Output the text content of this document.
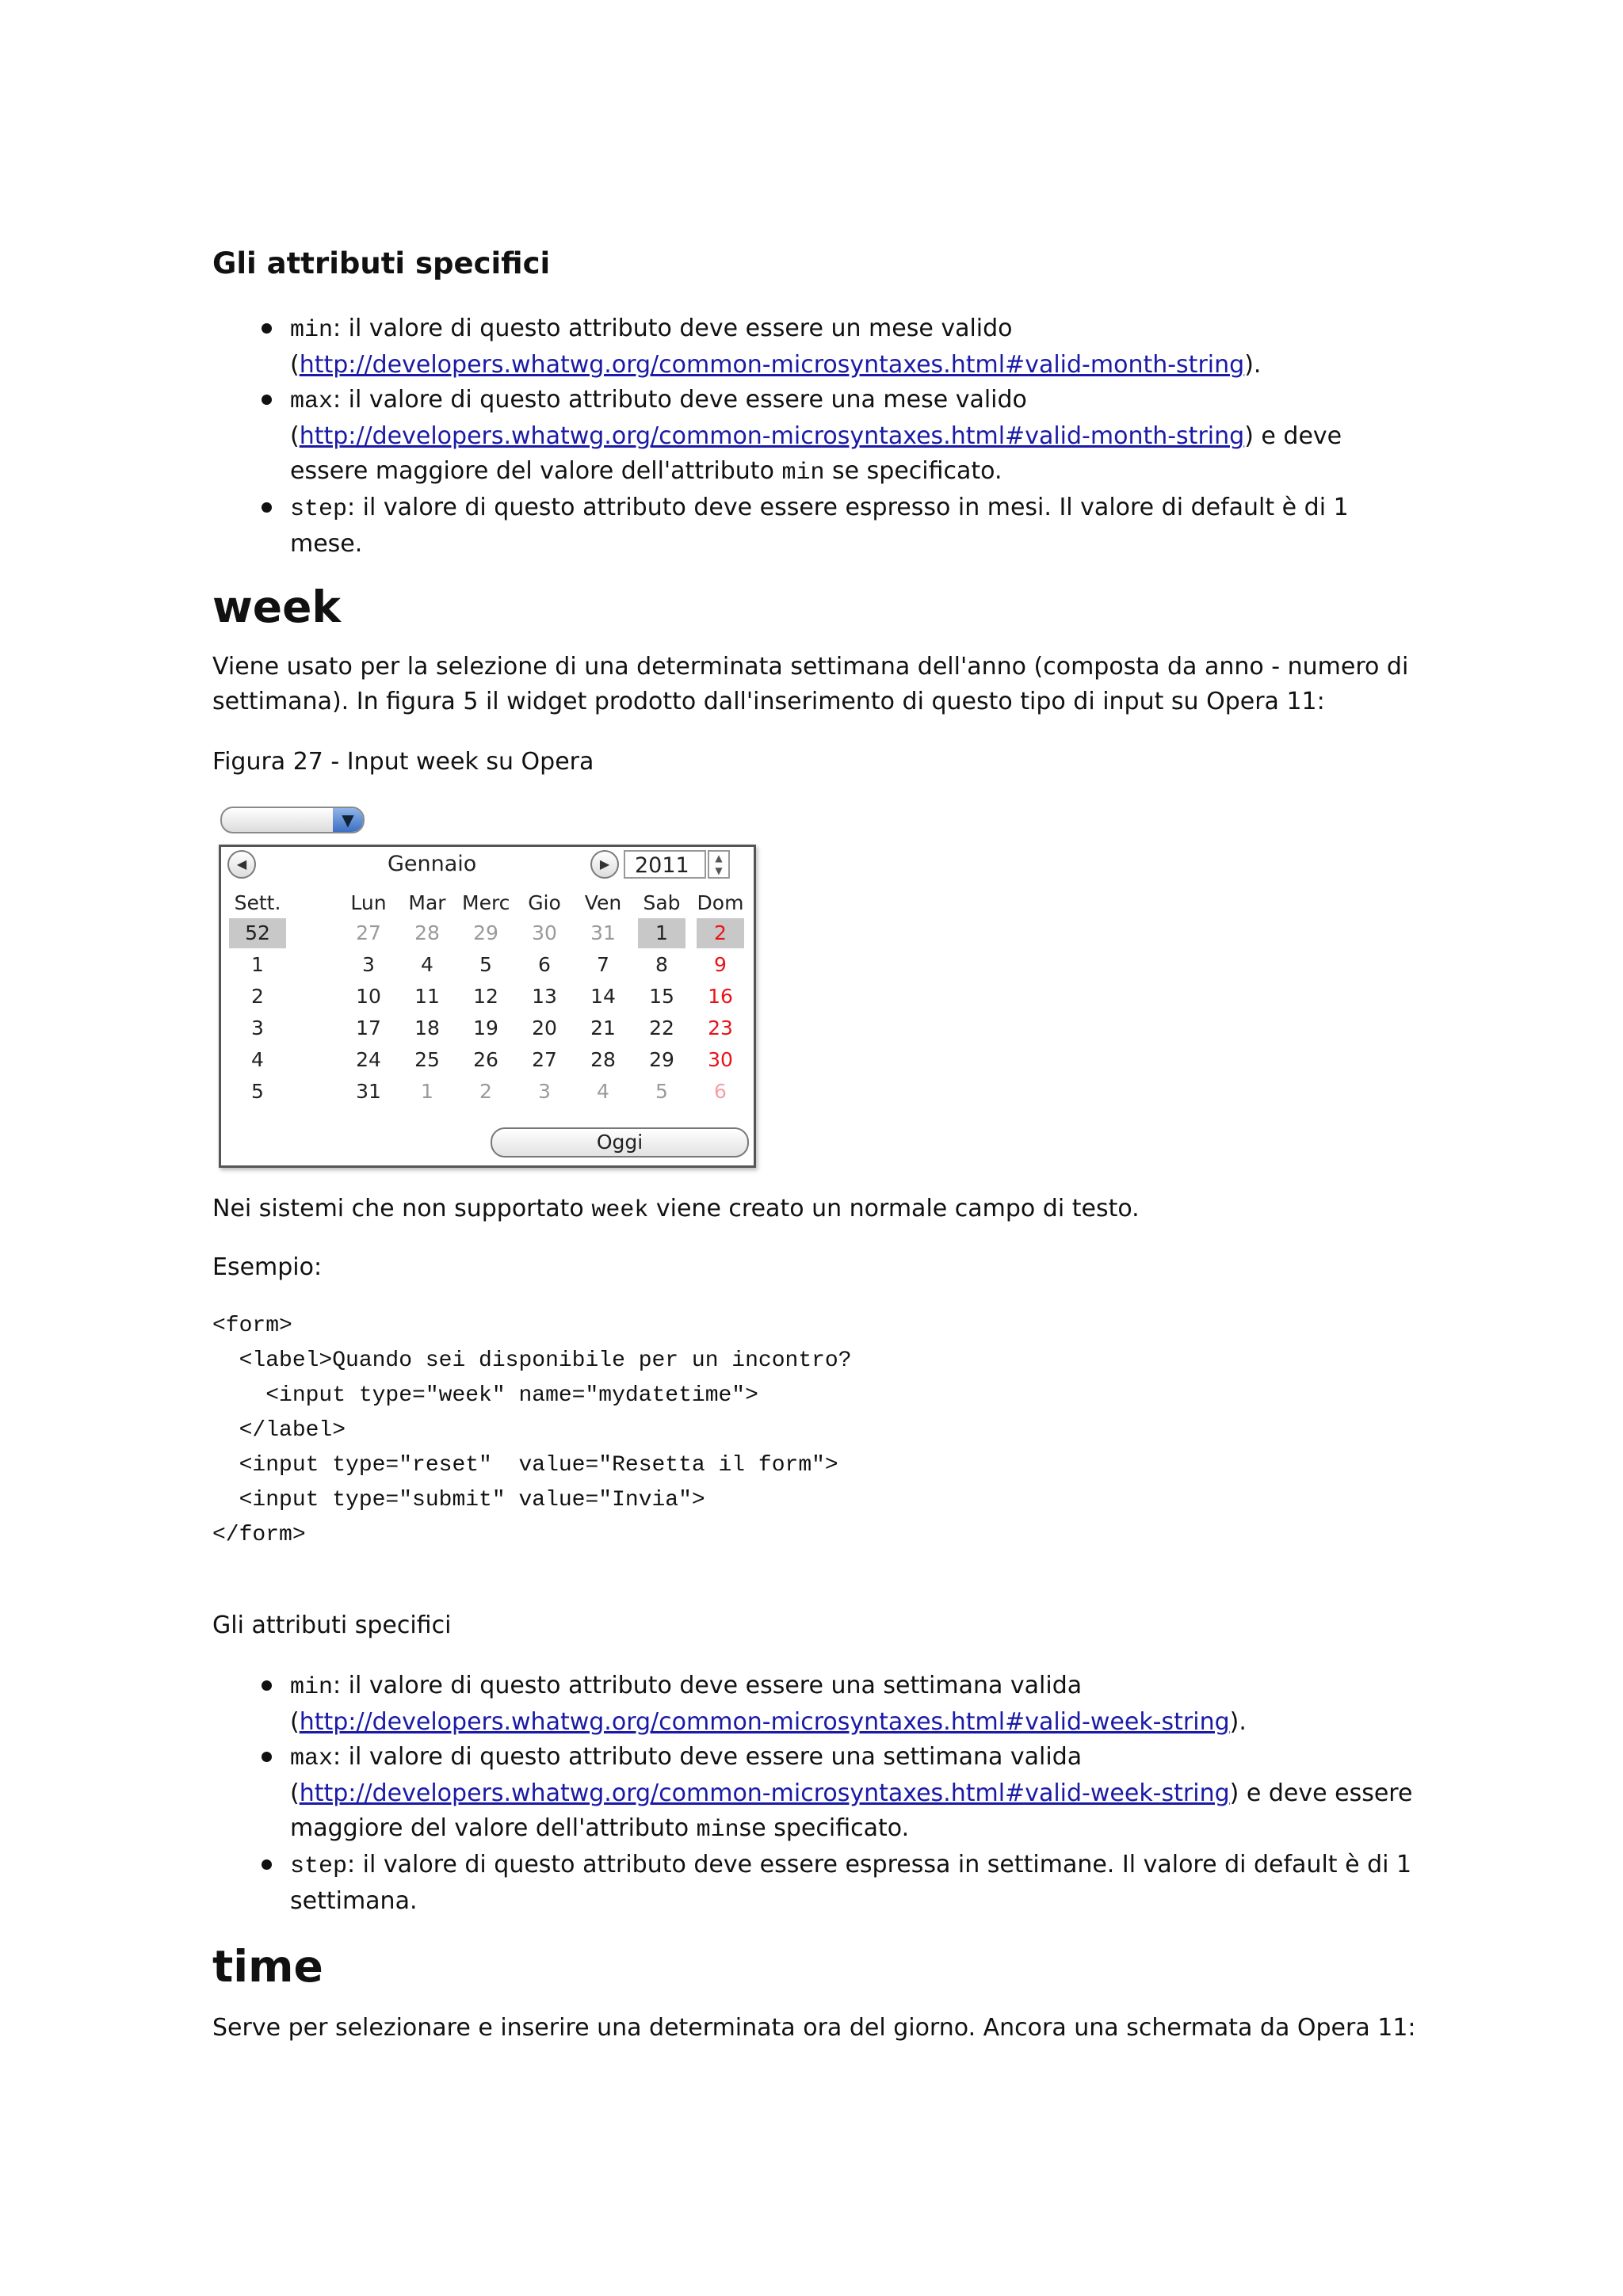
Gli attributi specifici
min: il valore di questo attributo deve essere un mese valido
(http://developers.whatwg.org/common-microsyntaxes.html#valid-month-string).
max: il valore di questo attributo deve essere una mese valido
(http://developers.whatwg.org/common-microsyntaxes.html#valid-month-string) e deve
essere maggiore del valore dell'attributo min se specificato.
step: il valore di questo attributo deve essere espresso in mesi. Il valore di default è di 1
mese.
week

Viene usato per la selezione di una determinata settimana dell'anno (composta da anno - numero di
settimana). In figura 5 il widget prodotto dall'inserimento di questo tipo di input su Opera 11:

Figura 27 - Input week su Opera

▼
◀	Gennaio	▶	2011	▲
▼
Sett.	Lun Mar Merc Gio	Ven Sab Dom
52	27	28	29	30	31	1	2
1	3	4	5	6	7	8	9
2	10	11	12	13	14	15	16
3	17	18	19	20	21	22	23
4	24	25	26	27	28	29	30
5	31	1	2	3	4	5	6
Oggi

Nei sistemi che non supportato week viene creato un normale campo di testo.

Esempio:

<form>
<label>Quando sei disponibile per un incontro?
<input type="week" name="mydatetime">
</label>
<input type="reset"  value="Resetta il form">
<input type="submit" value="Invia">
</form>

Gli attributi specifici

min: il valore di questo attributo deve essere una settimana valida
(http://developers.whatwg.org/common-microsyntaxes.html#valid-week-string).
max: il valore di questo attributo deve essere una settimana valida
(http://developers.whatwg.org/common-microsyntaxes.html#valid-week-string) e deve essere
maggiore del valore dell'attributo minse specificato.
step: il valore di questo attributo deve essere espressa in settimane. Il valore di default è di 1
settimana.
time

Serve per selezionare e inserire una determinata ora del giorno. Ancora una schermata da Opera 11:
